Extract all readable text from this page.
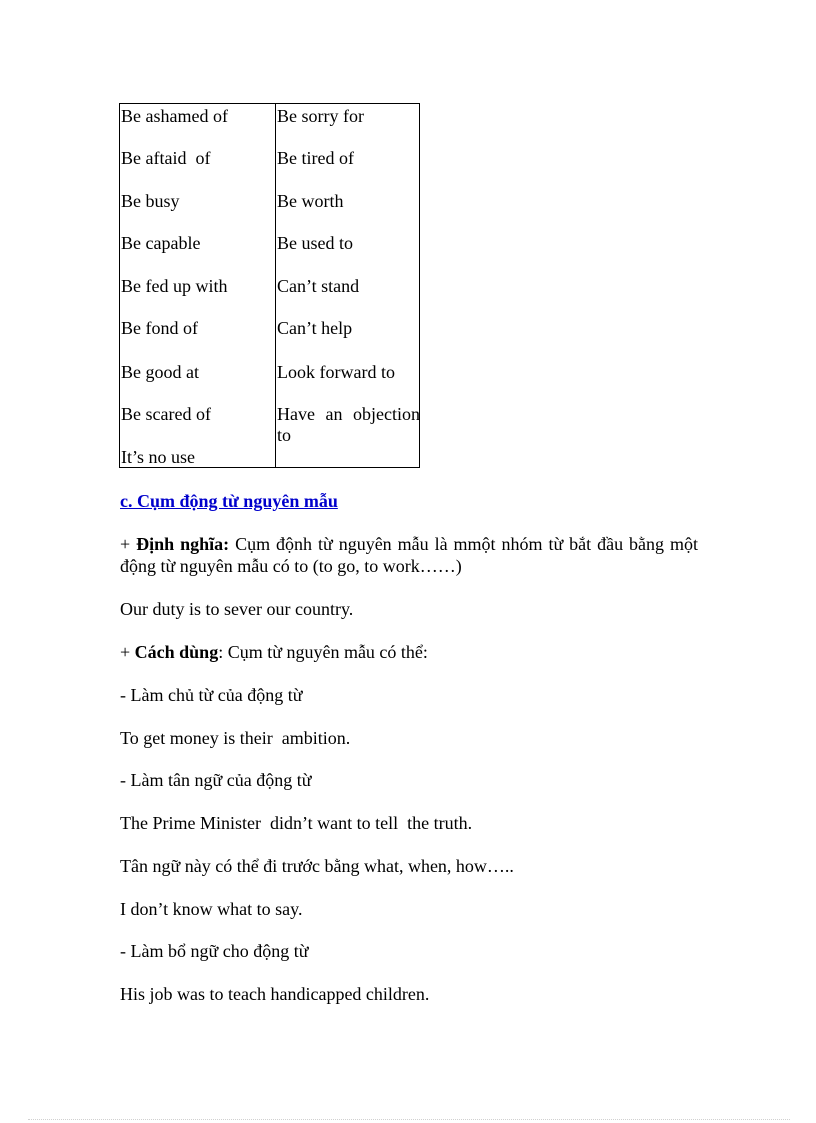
Be ashamed of	Be sorry for
Be aftaid  of	Be tired of
Be busy	Be worth
Be capable	Be used to
Be fed up with	Can’t stand
Be fond of	Can’t help
Be good at	Look forward to
Be scared of	Have an objection to
It’s no use
c. Cụm động từ nguyên mẫu
+ Định nghĩa: Cụm độnh từ nguyên mẫu là mmột nhóm từ bắt đầu bằng một động từ nguyên mẫu có to (to go, to work……)
Our duty is to sever our country.
+ Cách dùng: Cụm từ nguyên mẫu có thể:
- Làm chủ từ của động từ
To get money is their  ambition.
- Làm tân ngữ của động từ
The Prime Minister  didn’t want to tell  the truth.
Tân ngữ này có thể đi trước bằng what, when, how…..
I don’t know what to say.
- Làm bổ ngữ cho động từ
His job was to teach handicapped children.
